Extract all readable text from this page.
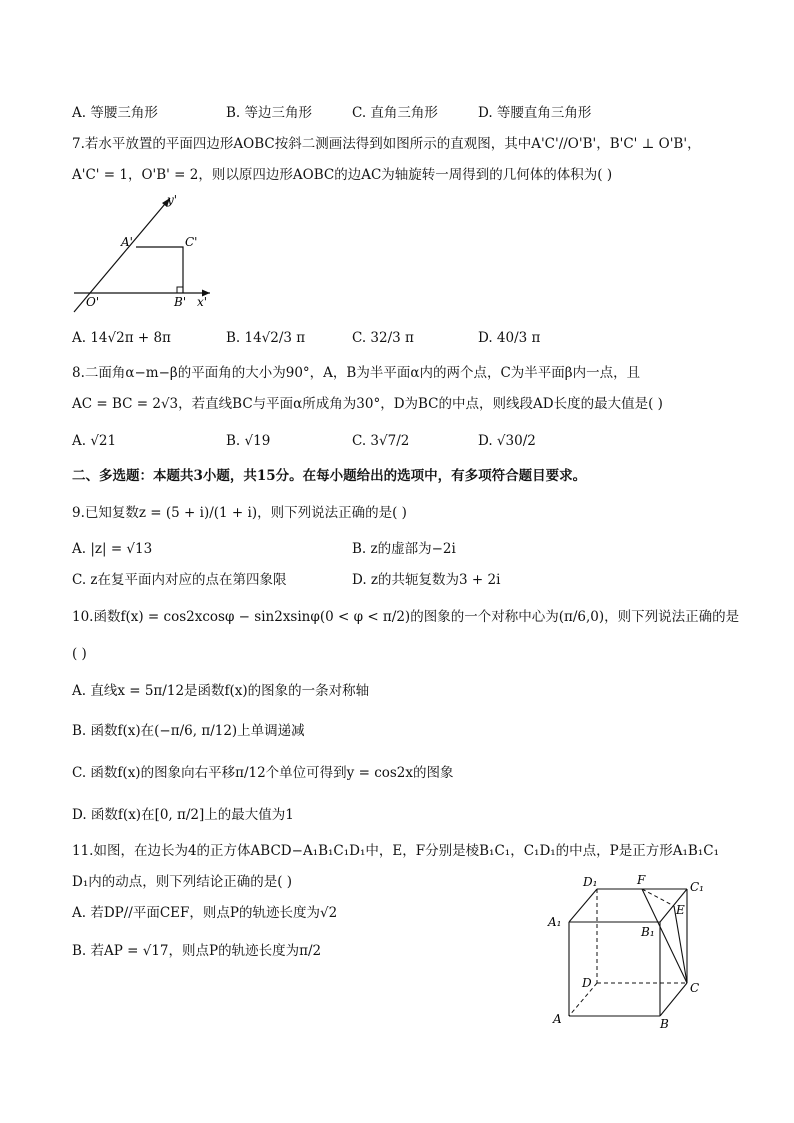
A. 等腰三角形	B. 等边三角形	C. 直角三角形	D. 等腰直角三角形
7.若水平放置的平面四边形AOBC按斜二测画法得到如图所示的直观图，其中A'C'//O'B'，B'C' ⊥ O'B'，
A'C' = 1，O'B' = 2，则以原四边形AOBC的边AC为轴旋转一周得到的几何体的体积为( )
y'
A'	C'
O'	B' x'
A. 14√2π + 8π	B. 14√2/3 π	C. 32/3 π	D. 40/3 π
8.二面角α−m−β的平面角的大小为90°，A，B为半平面α内的两个点，C为半平面β内一点，且
AC = BC = 2√3，若直线BC与平面α所成角为30°，D为BC的中点，则线段AD长度的最大值是( )
A. √21	B. √19	C. 3√7/2	D. √30/2
二、多选题：本题共3小题，共15分。在每小题给出的选项中，有多项符合题目要求。
9.已知复数z = (5 + i)/(1 + i)，则下列说法正确的是( )
A. |z| = √13	B. z的虚部为−2i
C. z在复平面内对应的点在第四象限	D. z的共轭复数为3 + 2i
10.函数f(x) = cos2xcosφ − sin2xsinφ(0 < φ < π/2)的图象的一个对称中心为(π/6,0)，则下列说法正确的是
( )
A. 直线x = 5π/12是函数f(x)的图象的一条对称轴
B. 函数f(x)在(−π/6, π/12)上单调递减
C. 函数f(x)的图象向右平移π/12个单位可得到y = cos2x的图象
D. 函数f(x)在[0, π/2]上的最大值为1
11.如图，在边长为4的正方体ABCD−A₁B₁C₁D₁中，E，F分别是棱B₁C₁，C₁D₁的中点，P是正方形A₁B₁C₁
D₁内的动点，则下列结论正确的是( )
A. 若DP//平面CEF，则点P的轨迹长度为√2
B. 若AP = √17，则点P的轨迹长度为π/2
D₁	F	C₁
E
A₁
B₁
D	C
A	B
